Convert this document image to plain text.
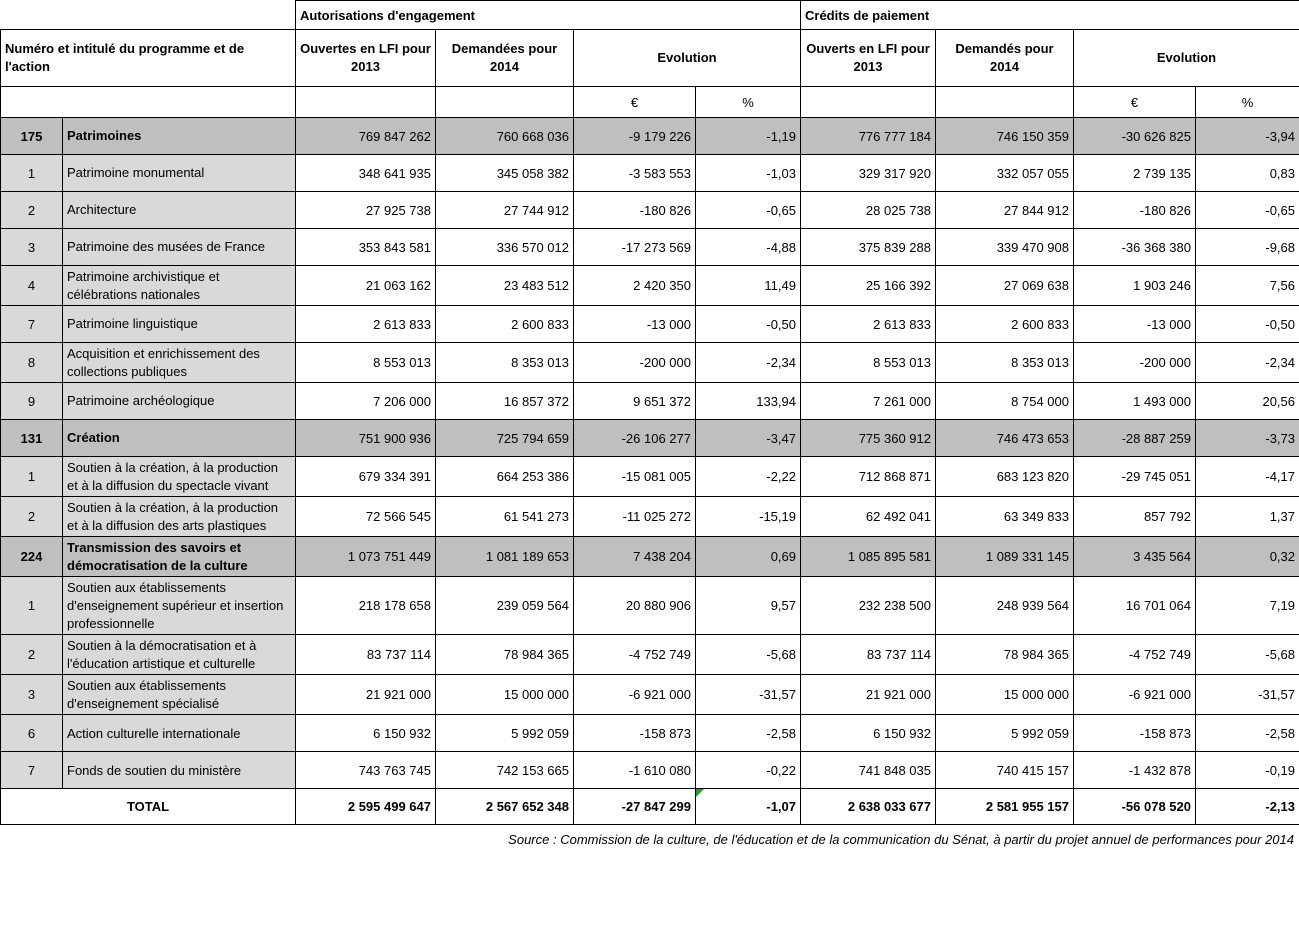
		Autorisations d'engagement				Crédits de paiement			
Numéro et intitulé du programme et de l'action		Ouvertes en LFI pour 2013	Demandées pour 2014	Evolution		Ouverts en LFI pour 2013	Demandés pour 2014	Evolution	
				€	%			€	%
175	Patrimoines	769 847 262	760 668 036	-9 179 226	-1,19	776 777 184	746 150 359	-30 626 825	-3,94
1	Patrimoine monumental	348 641 935	345 058 382	-3 583 553	-1,03	329 317 920	332 057 055	2 739 135	0,83
2	Architecture	27 925 738	27 744 912	-180 826	-0,65	28 025 738	27 844 912	-180 826	-0,65
3	Patrimoine des musées de France	353 843 581	336 570 012	-17 273 569	-4,88	375 839 288	339 470 908	-36 368 380	-9,68
4	Patrimoine archivistique et célébrations nationales	21 063 162	23 483 512	2 420 350	11,49	25 166 392	27 069 638	1 903 246	7,56
7	Patrimoine linguistique	2 613 833	2 600 833	-13 000	-0,50	2 613 833	2 600 833	-13 000	-0,50
8	Acquisition et enrichissement des collections publiques	8 553 013	8 353 013	-200 000	-2,34	8 553 013	8 353 013	-200 000	-2,34
9	Patrimoine archéologique	7 206 000	16 857 372	9 651 372	133,94	7 261 000	8 754 000	1 493 000	20,56
131	Création	751 900 936	725 794 659	-26 106 277	-3,47	775 360 912	746 473 653	-28 887 259	-3,73
1	Soutien à la création, à la production et à la diffusion du spectacle vivant	679 334 391	664 253 386	-15 081 005	-2,22	712 868 871	683 123 820	-29 745 051	-4,17
2	Soutien à la création, à la production et à la diffusion des arts plastiques	72 566 545	61 541 273	-11 025 272	-15,19	62 492 041	63 349 833	857 792	1,37
224	Transmission des savoirs et démocratisation de la culture	1 073 751 449	1 081 189 653	7 438 204	0,69	1 085 895 581	1 089 331 145	3 435 564	0,32
1	Soutien aux établissements d'enseignement supérieur et insertion professionnelle	218 178 658	239 059 564	20 880 906	9,57	232 238 500	248 939 564	16 701 064	7,19
2	Soutien à la démocratisation et à l'éducation artistique et culturelle	83 737 114	78 984 365	-4 752 749	-5,68	83 737 114	78 984 365	-4 752 749	-5,68
3	Soutien aux établissements d'enseignement spécialisé	21 921 000	15 000 000	-6 921 000	-31,57	21 921 000	15 000 000	-6 921 000	-31,57
6	Action culturelle internationale	6 150 932	5 992 059	-158 873	-2,58	6 150 932	5 992 059	-158 873	-2,58
7	Fonds de soutien du ministère	743 763 745	742 153 665	-1 610 080	-0,22	741 848 035	740 415 157	-1 432 878	-0,19
TOTAL		2 595 499 647	2 567 652 348	-27 847 299	-1,07	2 638 033 677	2 581 955 157	-56 078 520	-2,13
Source : Commission de la culture, de l'éducation et de la communication du Sénat, à partir du projet annuel de performances pour 2014
